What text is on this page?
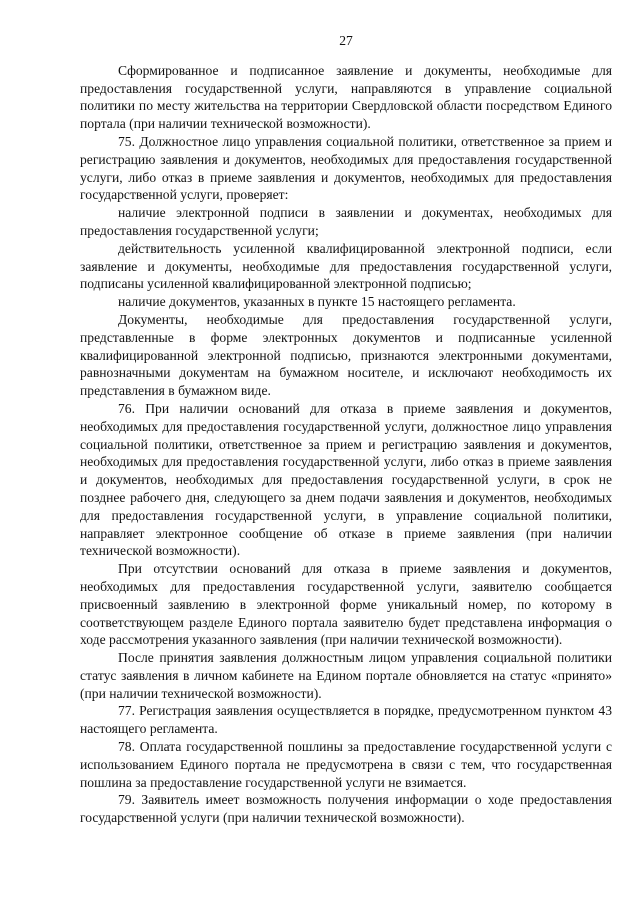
27

Сформированное и подписанное заявление и документы, необходимые для предоставления государственной услуги, направляются в управление социальной политики по месту жительства на территории Свердловской области посредством Единого портала (при наличии технической возможности).

75. Должностное лицо управления социальной политики, ответственное за прием и регистрацию заявления и документов, необходимых для предоставления государственной услуги, либо отказ в приеме заявления и документов, необходимых для предоставления государственной услуги, проверяет:

наличие электронной подписи в заявлении и документах, необходимых для предоставления государственной услуги;

действительность усиленной квалифицированной электронной подписи, если заявление и документы, необходимые для предоставления государственной услуги, подписаны усиленной квалифицированной электронной подписью;

наличие документов, указанных в пункте 15 настоящего регламента.

Документы, необходимые для предоставления государственной услуги, представленные в форме электронных документов и подписанные усиленной квалифицированной электронной подписью, признаются электронными документами, равнозначными документам на бумажном носителе, и исключают необходимость их представления в бумажном виде.

76. При наличии оснований для отказа в приеме заявления и документов, необходимых для предоставления государственной услуги, должностное лицо управления социальной политики, ответственное за прием и регистрацию заявления и документов, необходимых для предоставления государственной услуги, либо отказ в приеме заявления и документов, необходимых для предоставления государственной услуги, в срок не позднее рабочего дня, следующего за днем подачи заявления и документов, необходимых для предоставления государственной услуги, в управление социальной политики, направляет электронное сообщение об отказе в приеме заявления (при наличии технической возможности).

При отсутствии оснований для отказа в приеме заявления и документов, необходимых для предоставления государственной услуги, заявителю сообщается присвоенный заявлению в электронной форме уникальный номер, по которому в соответствующем разделе Единого портала заявителю будет представлена информация о ходе рассмотрения указанного заявления (при наличии технической возможности).

После принятия заявления должностным лицом управления социальной политики статус заявления в личном кабинете на Едином портале обновляется на статус «принято» (при наличии технической возможности).

77. Регистрация заявления осуществляется в порядке, предусмотренном пунктом 43 настоящего регламента.

78. Оплата государственной пошлины за предоставление государственной услуги с использованием Единого портала не предусмотрена в связи с тем, что государственная пошлина за предоставление государственной услуги не взимается.

79. Заявитель имеет возможность получения информации о ходе предоставления государственной услуги (при наличии технической возможности).
